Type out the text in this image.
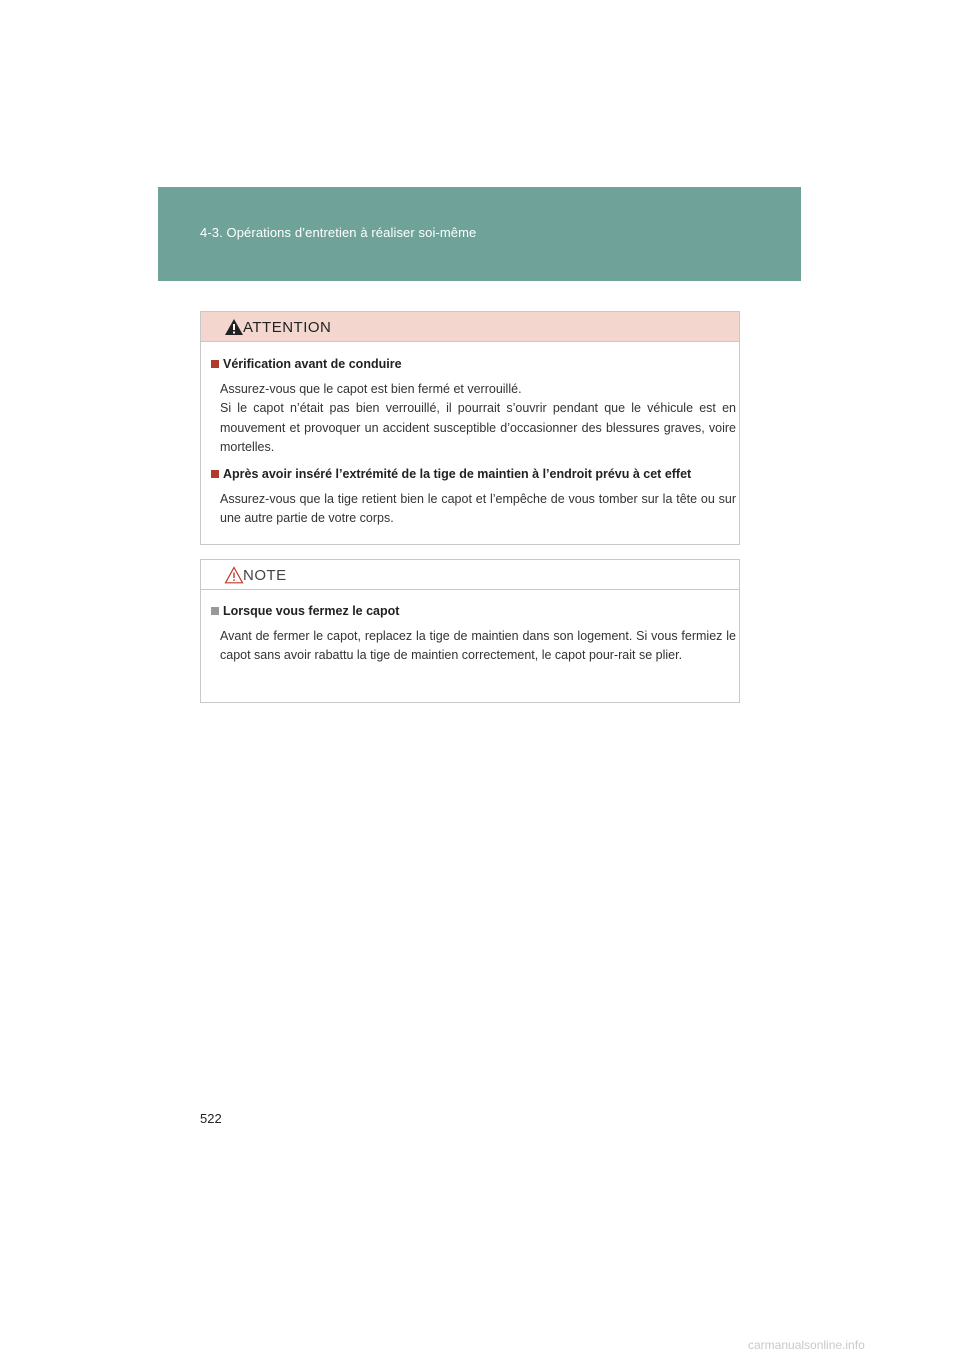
4-3. Opérations d’entretien à réaliser soi-même
ATTENTION
Vérification avant de conduire
Assurez-vous que le capot est bien fermé et verrouillé.
Si le capot n’était pas bien verrouillé, il pourrait s’ouvrir pendant que le véhicule est en mouvement et provoquer un accident susceptible d’occasionner des blessures graves, voire mortelles.
Après avoir inséré l’extrémité de la tige de maintien à l’endroit prévu à cet effet
Assurez-vous que la tige retient bien le capot et l’empêche de vous tomber sur la tête ou sur une autre partie de votre corps.
NOTE
Lorsque vous fermez le capot
Avant de fermer le capot, replacez la tige de maintien dans son logement. Si vous fermiez le capot sans avoir rabattu la tige de maintien correctement, le capot pour-rait se plier.
522
carmanualsonline.info
